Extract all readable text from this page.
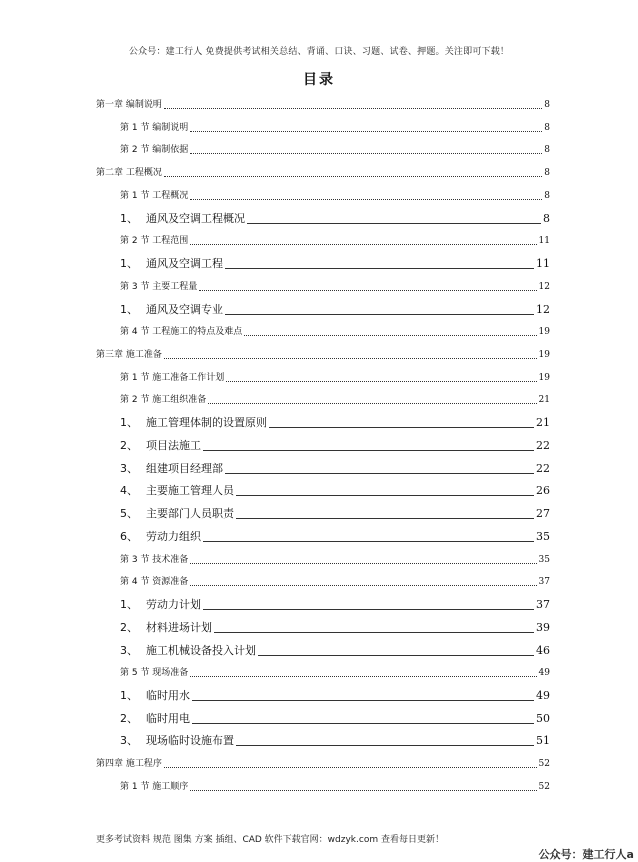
公众号：建工行人 免费提供考试相关总结、背诵、口诀、习题、试卷、押题。关注即可下载！
目录
第一章 编制说明	8
第 1 节 编制说明	8
第 2 节 编制依据	8
第二章 工程概况	8
第 1 节 工程概况	8
1、 通风及空调工程概况	8
第 2 节 工程范围	11
1、 通风及空调工程	11
第 3 节 主要工程量	12
1、 通风及空调专业	12
第 4 节 工程施工的特点及难点	19
第三章 施工准备	19
第 1 节 施工准备工作计划	19
第 2 节 施工组织准备	21
1、 施工管理体制的设置原则	21
2、 项目法施工	22
3、 组建项目经理部	22
4、 主要施工管理人员	26
5、 主要部门人员职责	27
6、 劳动力组织	35
第 3 节 技术准备	35
第 4 节 资源准备	37
1、 劳动力计划	37
2、 材料进场计划	39
3、 施工机械设备投入计划	46
第 5 节 现场准备	49
1、 临时用水	49
2、 临时用电	50
3、 现场临时设施布置	51
第四章 施工程序	52
第 1 节 施工顺序	52
更多考试资料 规范 图集 方案 插组、CAD 软件下载官网：wdzyk.com 查看每日更新！
公众号：建工行人a
